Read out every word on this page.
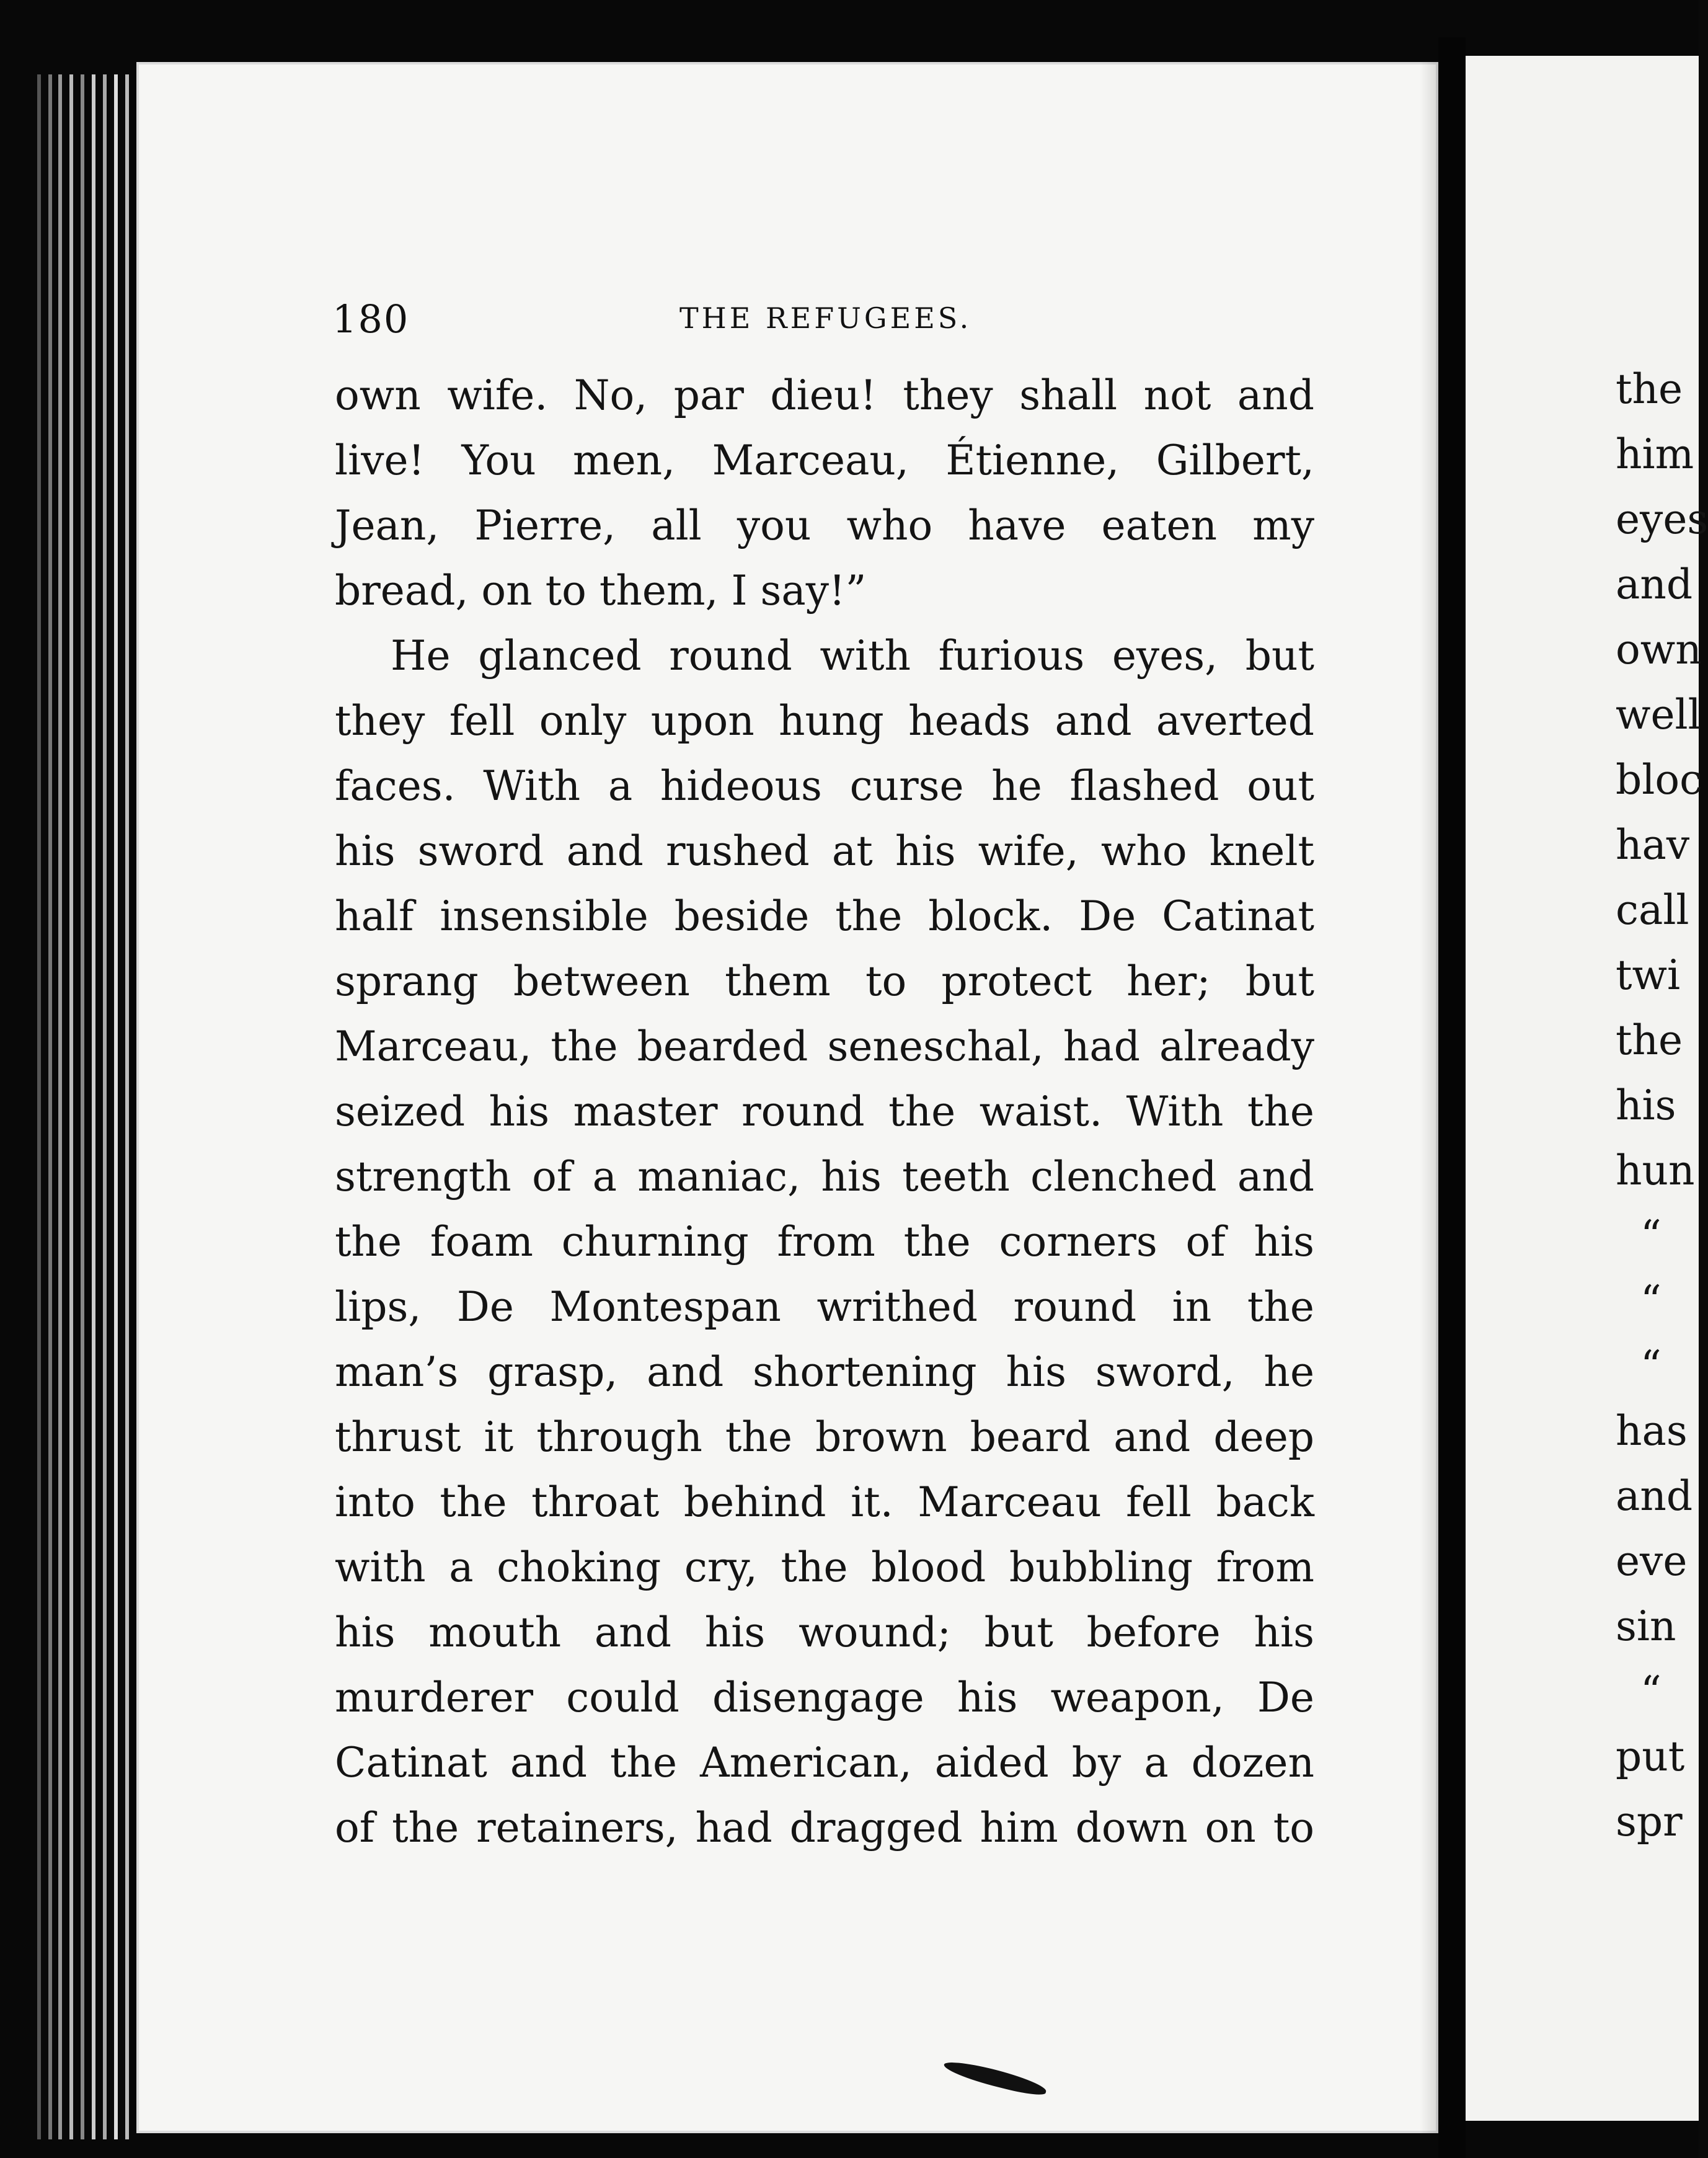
180	THE REFUGEES.
own wife. No, par dieu! they shall not and
live! You men, Marceau, Étienne, Gilbert,
Jean, Pierre, all you who have eaten my
bread, on to them, I say!”
He glanced round with furious eyes, but
they fell only upon hung heads and averted
faces. With a hideous curse he flashed out
his sword and rushed at his wife, who knelt
half insensible beside the block. De Catinat
sprang between them to protect her; but
Marceau, the bearded seneschal, had already
seized his master round the waist. With the
strength of a maniac, his teeth clenched and
the foam churning from the corners of his
lips, De Montespan writhed round in the
man’s grasp, and shortening his sword, he
thrust it through the brown beard and deep
into the throat behind it. Marceau fell back
with a choking cry, the blood bubbling from
his mouth and his wound; but before his
murderer could disengage his weapon, De
Catinat and the American, aided by a dozen
of the retainers, had dragged him down on to
the
him
eyes
and
own
well
bloc
hav
call
twi
the
his
hun
“
“
“
has
and
eve
sin
“
put
spr
